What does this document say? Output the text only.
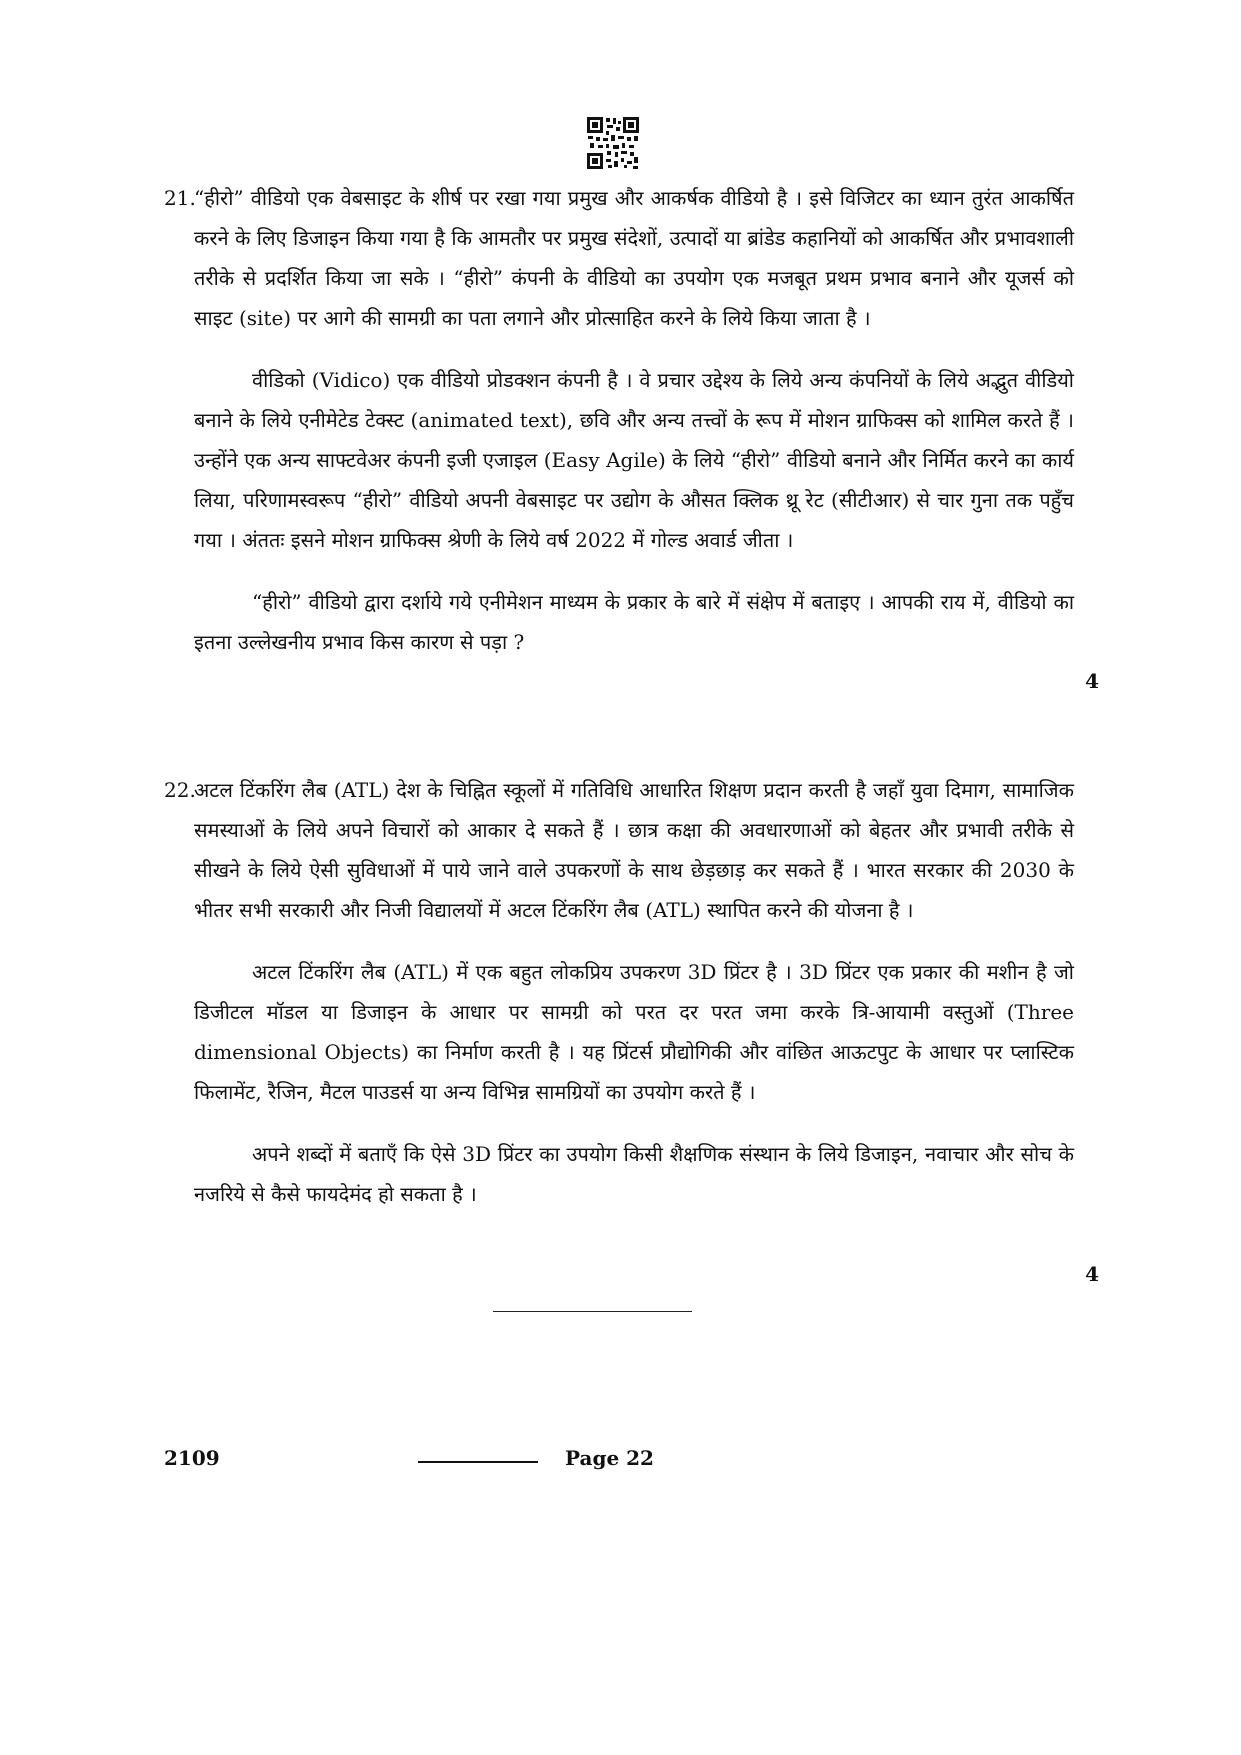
21.

“हीरो” वीडियो एक वेबसाइट के शीर्ष पर रखा गया प्रमुख और आकर्षक वीडियो है । इसे विजिटर का ध्यान तुरंत आकर्षित करने के लिए डिजाइन किया गया है कि आमतौर पर प्रमुख संदेशों, उत्पादों या ब्रांडेड कहानियों को आकर्षित और प्रभावशाली तरीके से प्रदर्शित किया जा सके । “हीरो” कंपनी के वीडियो का उपयोग एक मजबूत प्रथम प्रभाव बनाने और यूजर्स को साइट (site) पर आगे की सामग्री का पता लगाने और प्रोत्साहित करने के लिये किया जाता है ।

वीडिको (Vidico) एक वीडियो प्रोडक्शन कंपनी है । वे प्रचार उद्देश्य के लिये अन्य कंपनियों के लिये अद्भुत वीडियो बनाने के लिये एनीमेटेड टेक्स्ट (animated text), छवि और अन्य तत्त्वों के रूप में मोशन ग्राफिक्स को शामिल करते हैं । उन्होंने एक अन्य साफ्टवेअर कंपनी इजी एजाइल (Easy Agile) के लिये “हीरो” वीडियो बनाने और निर्मित करने का कार्य लिया, परिणामस्वरूप “हीरो” वीडियो अपनी वेबसाइट पर उद्योग के औसत क्लिक थ्रू रेट (सीटीआर) से चार गुना तक पहुँच गया । अंततः इसने मोशन ग्राफिक्स श्रेणी के लिये वर्ष 2022 में गोल्ड अवार्ड जीता ।

“हीरो” वीडियो द्वारा दर्शाये गये एनीमेशन माध्यम के प्रकार के बारे में संक्षेप में बताइए । आपकी राय में, वीडियो का इतना उल्लेखनीय प्रभाव किस कारण से पड़ा ?

4
22.

अटल टिंकरिंग लैब (ATL) देश के चिह्नित स्कूलों में गतिविधि आधारित शिक्षण प्रदान करती है जहाँ युवा दिमाग, सामाजिक समस्याओं के लिये अपने विचारों को आकार दे सकते हैं । छात्र कक्षा की अवधारणाओं को बेहतर और प्रभावी तरीके से सीखने के लिये ऐसी सुविधाओं में पाये जाने वाले उपकरणों के साथ छेड़छाड़ कर सकते हैं । भारत सरकार की 2030 के भीतर सभी सरकारी और निजी विद्यालयों में अटल टिंकरिंग लैब (ATL) स्थापित करने की योजना है ।

अटल टिंकरिंग लैब (ATL) में एक बहुत लोकप्रिय उपकरण 3D प्रिंटर है । 3D प्रिंटर एक प्रकार की मशीन है जो डिजीटल मॉडल या डिजाइन के आधार पर सामग्री को परत दर परत जमा करके त्रि-आयामी वस्तुओं (Three dimensional Objects) का निर्माण करती है । यह प्रिंटर्स प्रौद्योगिकी और वांछित आऊटपुट के आधार पर प्लास्टिक फिलामेंट, रैजिन, मैटल पाउडर्स या अन्य विभिन्न सामग्रियों का उपयोग करते हैं ।

अपने शब्दों में बताएँ कि ऐसे 3D प्रिंटर का उपयोग किसी शैक्षणिक संस्थान के लिये डिजाइन, नवाचार और सोच के नजरिये से कैसे फायदेमंद हो सकता है ।

4
2109	Page 22
